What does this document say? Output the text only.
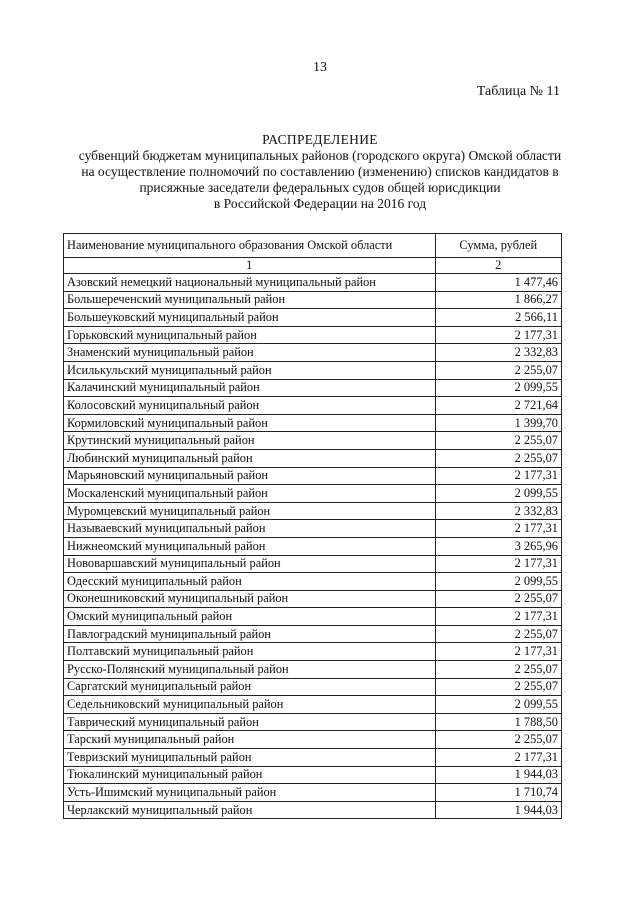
13
Таблица № 11
РАСПРЕДЕЛЕНИЕ
субвенций бюджетам муниципальных районов (городского округа) Омской области
на осуществление полномочий по составлению (изменению) списков кандидатов в
присяжные заседатели федеральных судов общей юрисдикции
в Российской Федерации на 2016 год
Наименование муниципального образования Омской области	Сумма, рублей
1	2
Азовский немецкий национальный муниципальный район	1 477,46
Большереченский муниципальный район	1 866,27
Большеуковский муниципальный район	2 566,11
Горьковский муниципальный район	2 177,31
Знаменский муниципальный район	2 332,83
Исилькульский муниципальный район	2 255,07
Калачинский муниципальный район	2 099,55
Колосовский муниципальный район	2 721,64
Кормиловский муниципальный район	1 399,70
Крутинский муниципальный район	2 255,07
Любинский муниципальный район	2 255,07
Марьяновский муниципальный район	2 177,31
Москаленский муниципальный район	2 099,55
Муромцевский муниципальный район	2 332,83
Называевский муниципальный район	2 177,31
Нижнеомский муниципальный район	3 265,96
Нововаршавский муниципальный район	2 177,31
Одесский муниципальный район	2 099,55
Оконешниковский муниципальный район	2 255,07
Омский муниципальный район	2 177,31
Павлоградский муниципальный район	2 255,07
Полтавский муниципальный район	2 177,31
Русско-Полянский муниципальный район	2 255,07
Саргатский муниципальный район	2 255,07
Седельниковский муниципальный район	2 099,55
Таврический муниципальный район	1 788,50
Тарский муниципальный район	2 255,07
Тевризский муниципальный район	2 177,31
Тюкалинский муниципальный район	1 944,03
Усть-Ишимский муниципальный район	1 710,74
Черлакский муниципальный район	1 944,03
